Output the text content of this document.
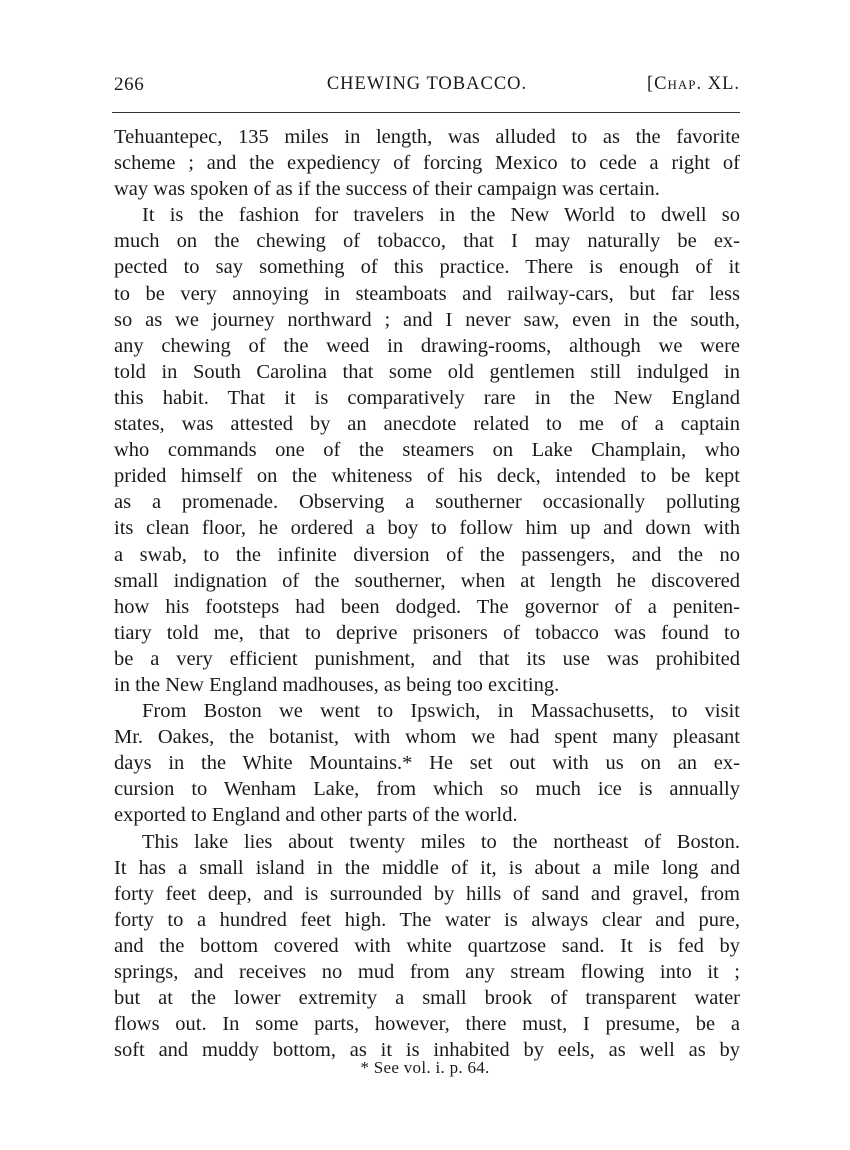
266	CHEWING TOBACCO.	[Chap. XL.
Tehuantepec, 135 miles in length, was alluded to as the favorite
scheme ; and the expediency of forcing Mexico to cede a right of
way was spoken of as if the success of their campaign was certain.
It is the fashion for travelers in the New World to dwell so
much on the chewing of tobacco, that I may naturally be ex-
pected to say something of this practice. There is enough of it
to be very annoying in steamboats and railway-cars, but far less
so as we journey northward ; and I never saw, even in the south,
any chewing of the weed in drawing-rooms, although we were
told in South Carolina that some old gentlemen still indulged in
this habit. That it is comparatively rare in the New England
states, was attested by an anecdote related to me of a captain
who commands one of the steamers on Lake Champlain, who
prided himself on the whiteness of his deck, intended to be kept
as a promenade. Observing a southerner occasionally polluting
its clean floor, he ordered a boy to follow him up and down with
a swab, to the infinite diversion of the passengers, and the no
small indignation of the southerner, when at length he discovered
how his footsteps had been dodged. The governor of a peniten-
tiary told me, that to deprive prisoners of tobacco was found to
be a very efficient punishment, and that its use was prohibited
in the New England madhouses, as being too exciting.
From Boston we went to Ipswich, in Massachusetts, to visit
Mr. Oakes, the botanist, with whom we had spent many pleasant
days in the White Mountains.* He set out with us on an ex-
cursion to Wenham Lake, from which so much ice is annually
exported to England and other parts of the world.
This lake lies about twenty miles to the northeast of Boston.
It has a small island in the middle of it, is about a mile long and
forty feet deep, and is surrounded by hills of sand and gravel, from
forty to a hundred feet high. The water is always clear and pure,
and the bottom covered with white quartzose sand. It is fed by
springs, and receives no mud from any stream flowing into it ;
but at the lower extremity a small brook of transparent water
flows out. In some parts, however, there must, I presume, be a
soft and muddy bottom, as it is inhabited by eels, as well as by
* See vol. i. p. 64.
